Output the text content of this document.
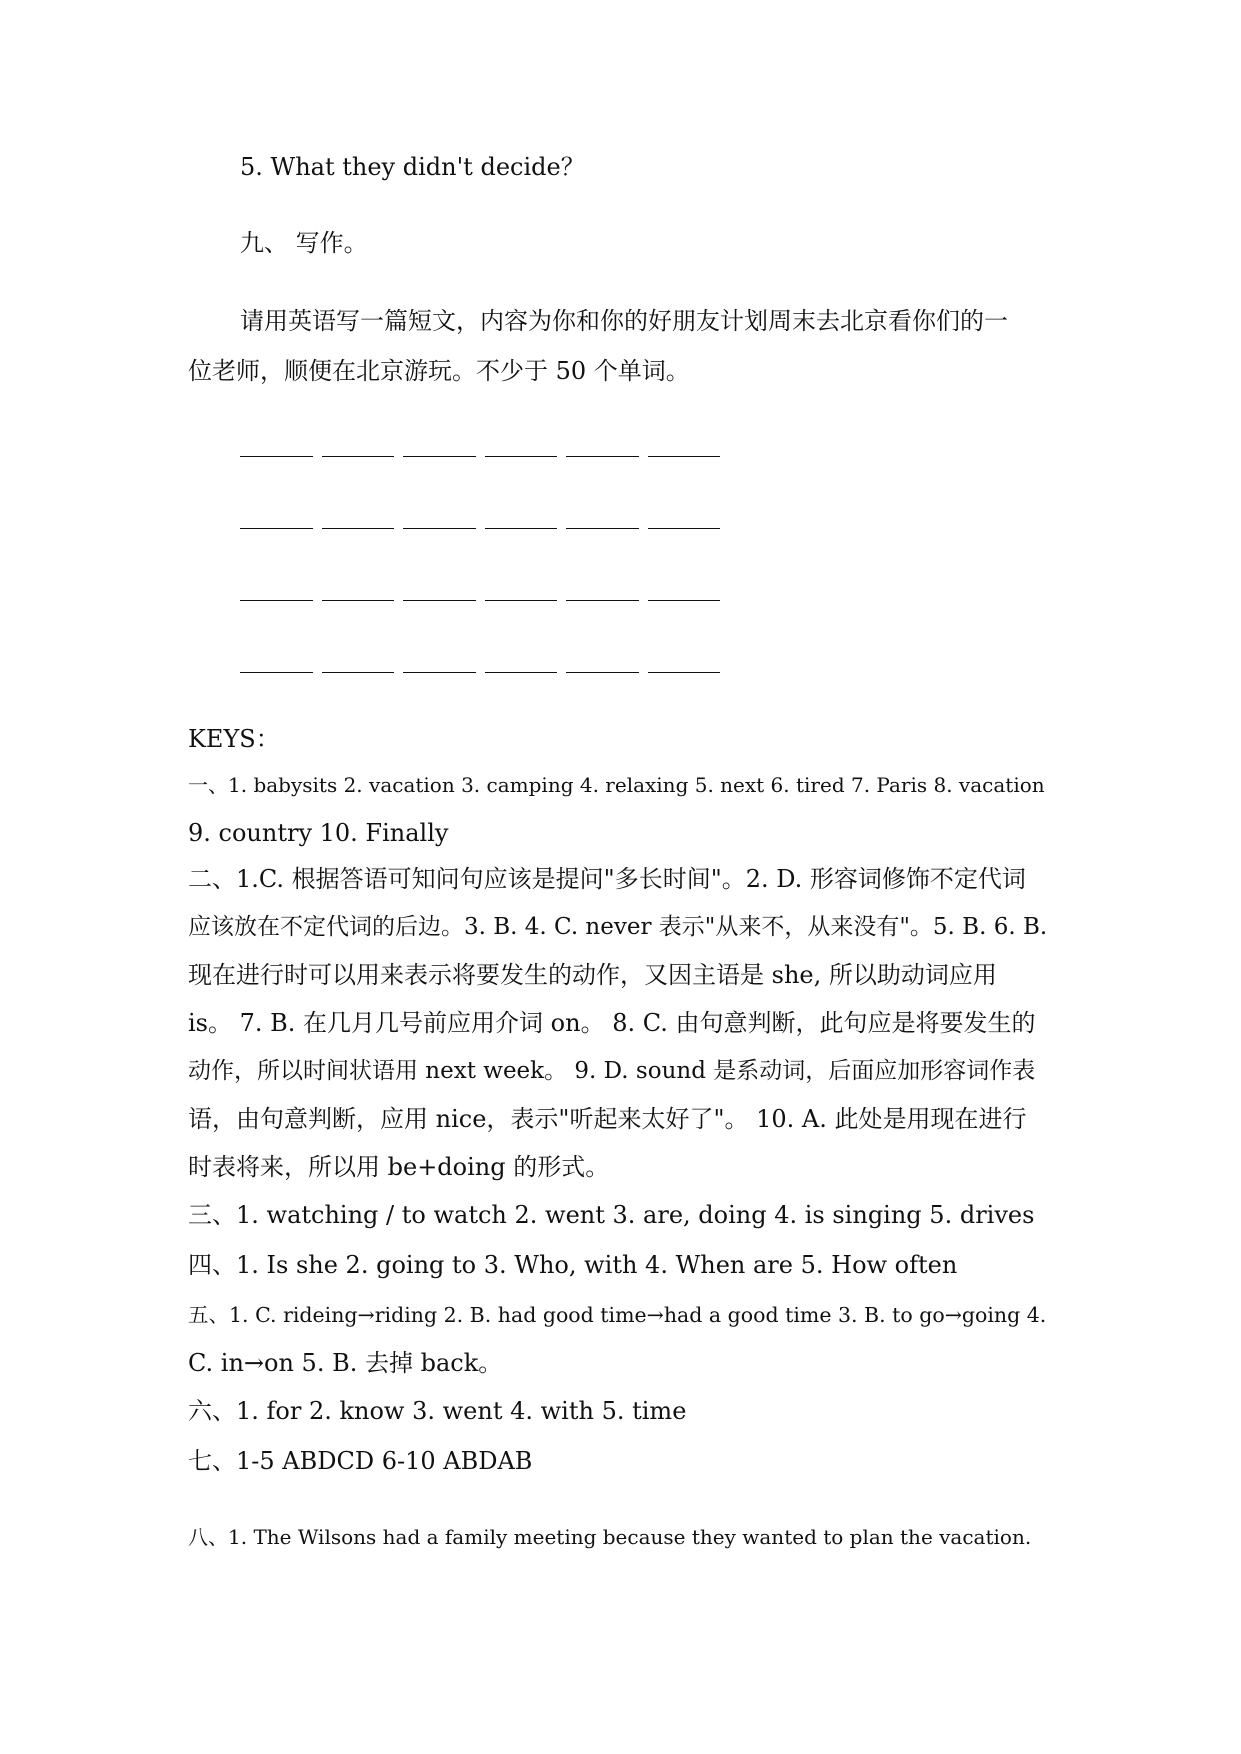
5. What they didn't decide？
九、 写作。
请用英语写一篇短文，内容为你和你的好朋友计划周末去北京看你们的一
位老师，顺便在北京游玩。不少于 50 个单词。
KEYS：
一、1. babysits 2. vacation 3. camping 4. relaxing 5. next 6. tired 7. Paris 8. vacation
9. country 10. Finally
二、1.C. 根据答语可知问句应该是提问"多长时间"。2. D. 形容词修饰不定代词
应该放在不定代词的后边。3. B. 4. C. never 表示"从来不，从来没有"。5. B. 6. B.
现在进行时可以用来表示将要发生的动作，又因主语是 she, 所以助动词应用
is。 7. B. 在几月几号前应用介词 on。 8. C. 由句意判断，此句应是将要发生的
动作，所以时间状语用 next week。 9. D. sound 是系动词，后面应加形容词作表
语，由句意判断，应用 nice，表示"听起来太好了"。 10. A. 此处是用现在进行
时表将来，所以用 be+doing 的形式。
三、1. watching / to watch 2. went 3. are, doing 4. is singing 5. drives
四、1. Is she 2. going to 3. Who, with 4. When are 5. How often
五、1. C. rideing→riding 2. B. had good time→had a good time 3. B. to go→going 4.
C. in→on 5. B. 去掉 back。
六、1. for 2. know 3. went 4. with 5. time
七、1-5 ABDCD 6-10 ABDAB
八、1. The Wilsons had a family meeting because they wanted to plan the vacation.
